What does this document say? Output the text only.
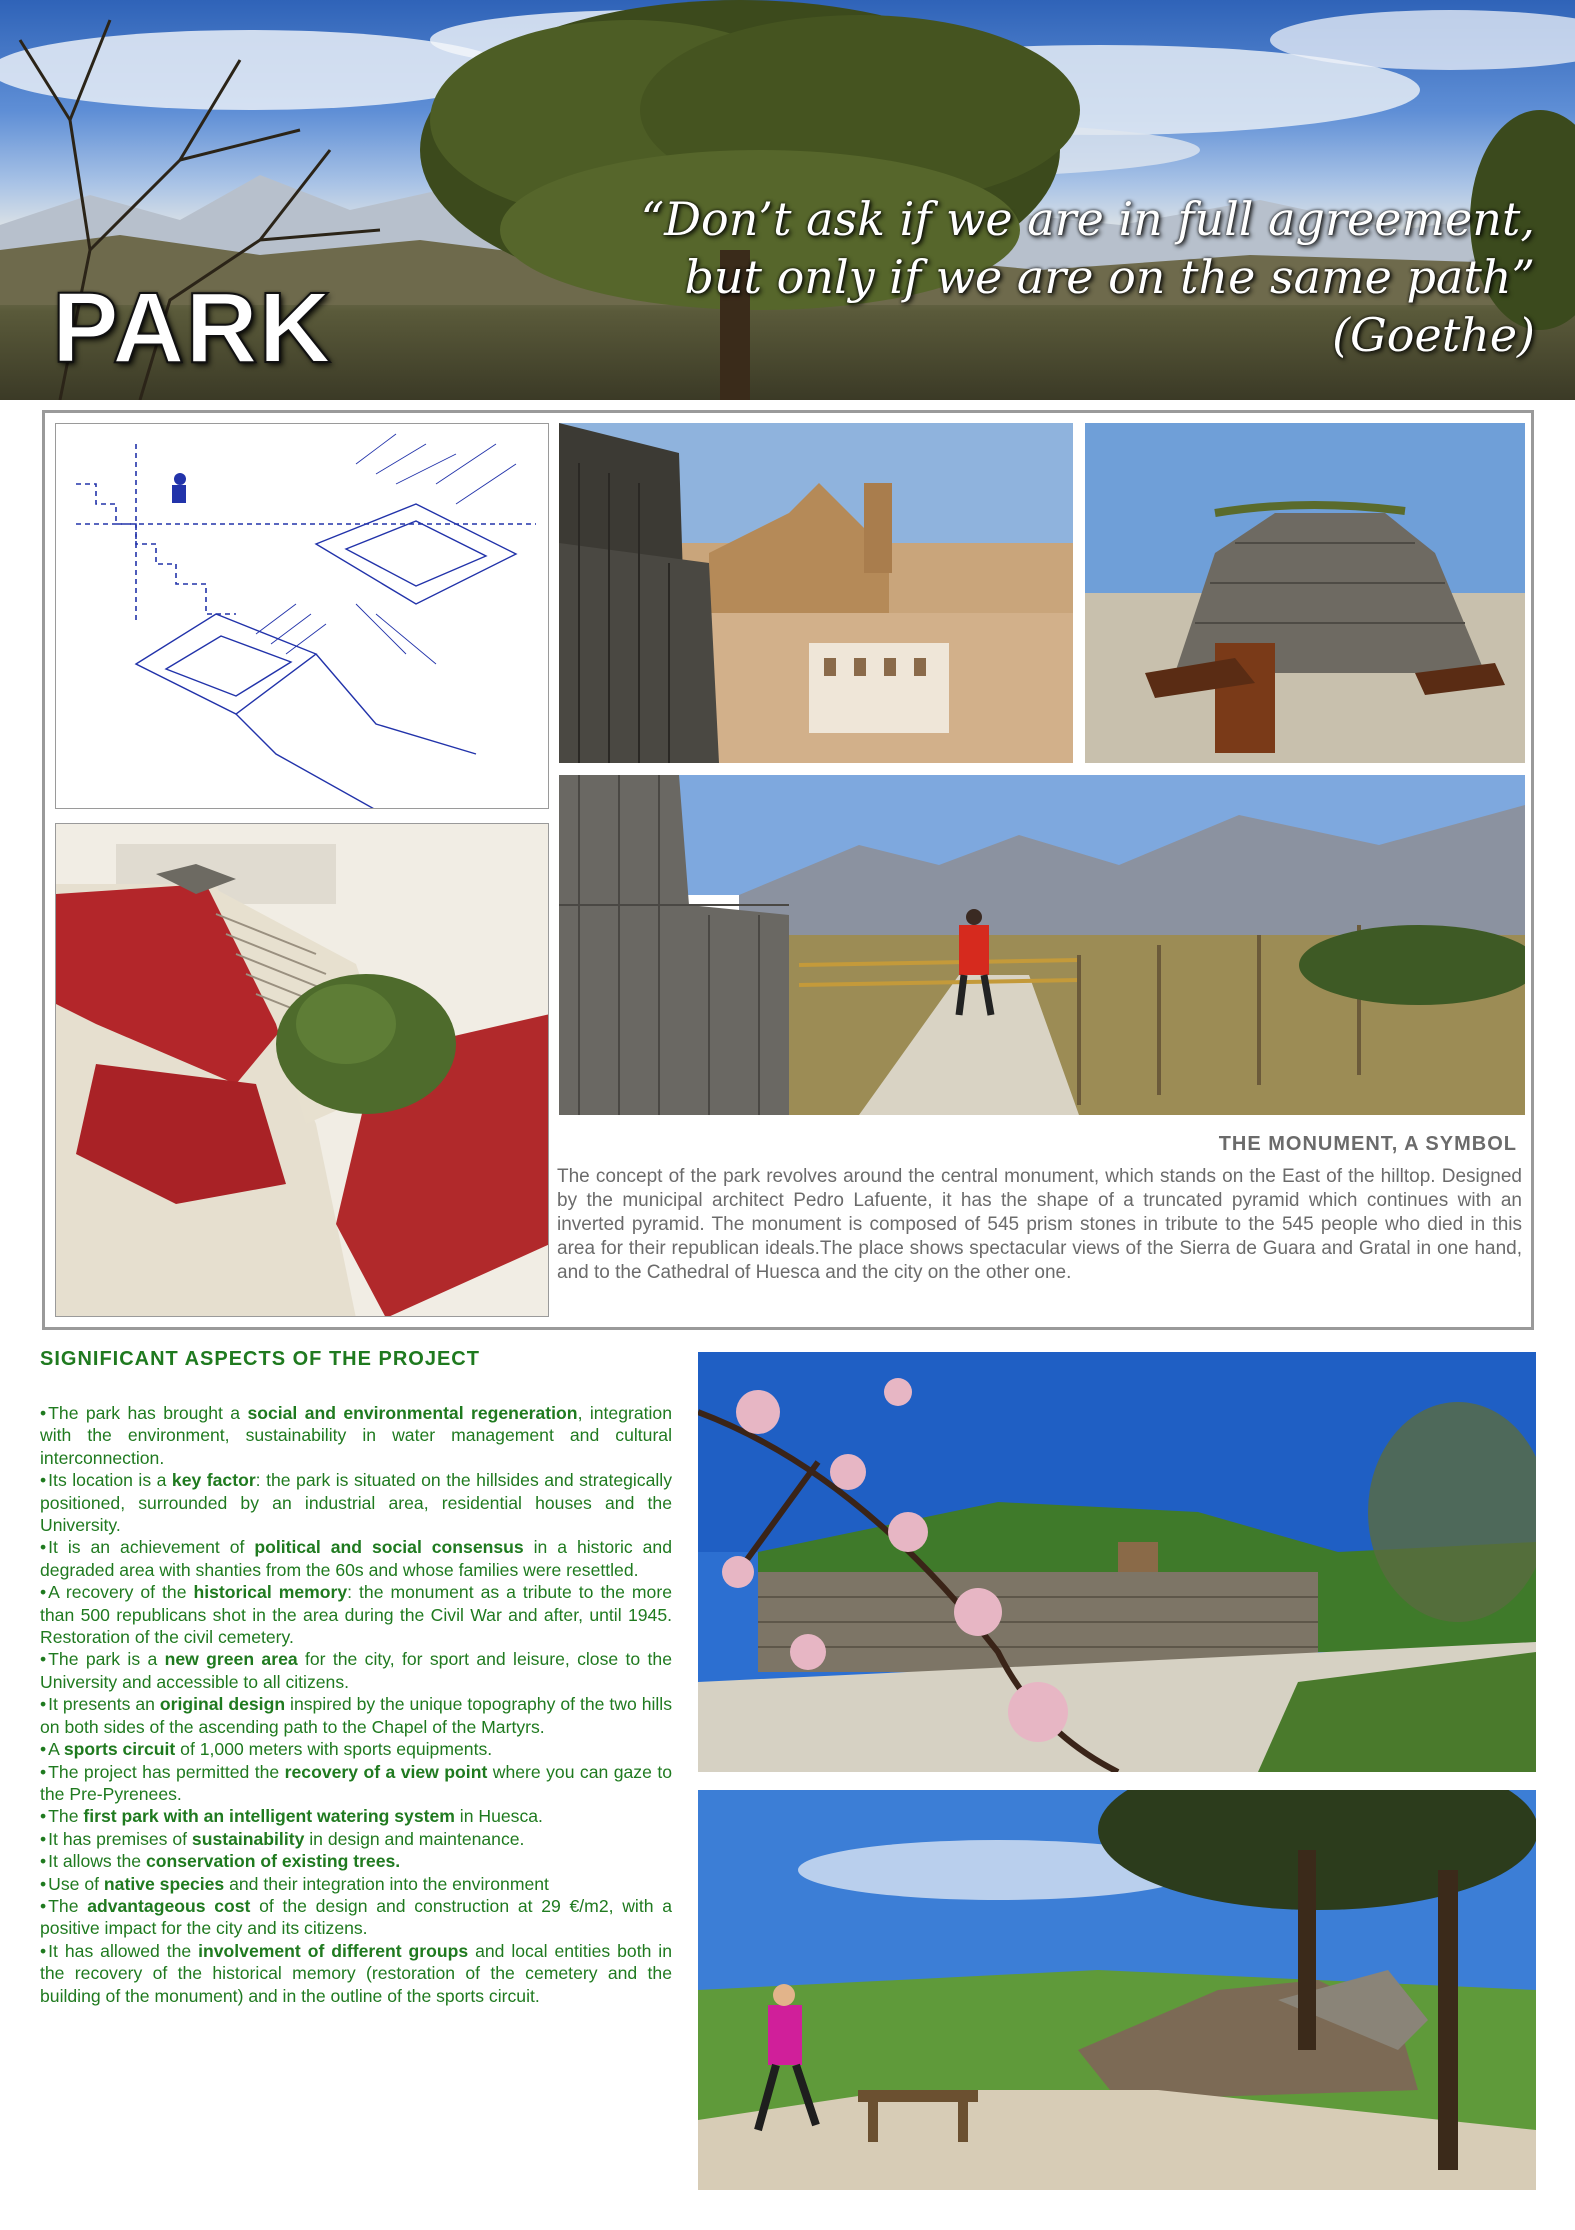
PARK
“Don’t ask if we are in full agreement,
but only if we are on the same path”
(Goethe)
THE MONUMENT, A SYMBOL
The concept of the park revolves around the central monument, which stands on the East of the hilltop. Designed by the municipal architect Pedro Lafuente, it has the shape of a truncated pyramid which continues with an inverted pyramid. The monument is composed of 545 prism stones in tribute to the 545 people who died in this area for their republican ideals.The place shows spectacular views of the Sierra de Guara and Gratal in one hand, and to the Cathedral of Huesca and the city on the other one.
SIGNIFICANT ASPECTS OF THE PROJECT
• The park has brought a social and environmental regeneration, integration with the environment, sustainability in water management and cultural interconnection.
• Its location is a key factor: the park is situated on the hillsides and strategically positioned, surrounded by an industrial area, residential houses and the University.
• It is an achievement of political and social consensus in a historic and degraded area with shanties from the 60s and whose families were resettled.
• A recovery of the historical memory: the monument as a tribute to the more than 500 republicans shot in the area during the Civil War and after, until 1945. Restoration of the civil cemetery.
• The park is a new green area for the city, for sport and leisure, close to the University and accessible to all citizens.
• It presents an original design inspired by the unique topography of the two hills on both sides of the ascending path to the Chapel of the Martyrs.
• A sports circuit of 1,000 meters with sports equipments.
• The project has permitted the recovery of a view point where you can gaze to the Pre-Pyrenees.
• The first park with an intelligent watering system in Huesca.
• It has premises of sustainability in design and maintenance.
• It allows the conservation of existing trees.
• Use of native species and their integration into the environment
• The advantageous cost of the design and construction at 29 €/m2, with a positive impact for the city and its citizens.
• It has allowed the involvement of different groups and local entities both in the recovery of the historical memory (restoration of the cemetery and the building of the monument) and in the outline of the sports circuit.
